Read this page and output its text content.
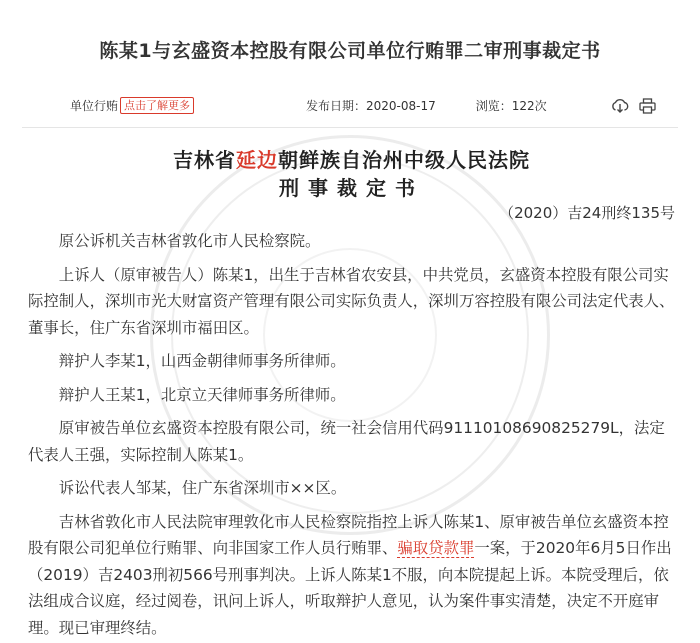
陈某1与玄盛资本控股有限公司单位行贿罪二审刑事裁定书
单位行贿 点击了解更多	发布日期：2020-08-17	浏览：122次
吉林省延边朝鲜族自治州中级人民法院
刑事裁定书
（2020）吉24刑终135号

原公诉机关吉林省敦化市人民检察院。

上诉人（原审被告人）陈某1，出生于吉林省农安县，中共党员，玄盛资本控股有限公司实际控制人，深圳市光大财富资产管理有限公司实际负责人，深圳万容控股有限公司法定代表人、董事长，住广东省深圳市福田区。

辩护人李某1，山西金朝律师事务所律师。

辩护人王某1，北京立天律师事务所律师。

原审被告单位玄盛资本控股有限公司，统一社会信用代码91110108690825279L，法定代表人王强，实际控制人陈某1。

诉讼代表人邹某，住广东省深圳市××区。

吉林省敦化市人民法院审理敦化市人民检察院指控上诉人陈某1、原审被告单位玄盛资本控股有限公司犯单位行贿罪、向非国家工作人员行贿罪、骗取贷款罪一案，于2020年6月5日作出（2019）吉2403刑初566号刑事判决。上诉人陈某1不服，向本院提起上诉。本院受理后，依法组成合议庭，经过阅卷，讯问上诉人，听取辩护人意见，认为案件事实清楚，决定不开庭审理。现已审理终结。
